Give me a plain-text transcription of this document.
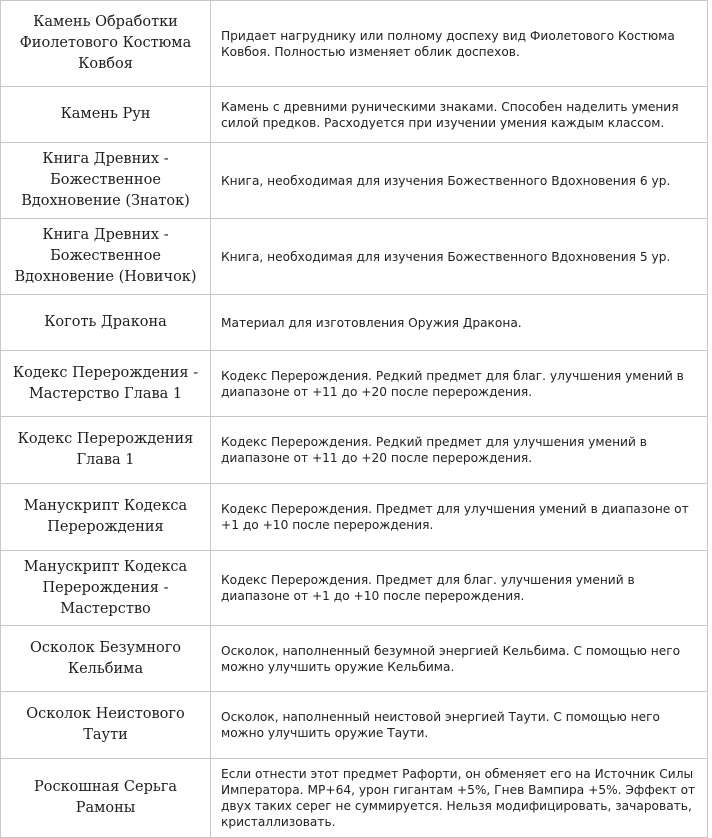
Камень Обработки Фиолетового Костюма Ковбоя	Придает нагруднику или полному доспеху вид Фиолетового Костюма Ковбоя. Полностью изменяет облик доспехов.
Камень Рун	Камень с древними руническими знаками. Способен наделить умения силой предков. Расходуется при изучении умения каждым классом.
Книга Древних - Божественное Вдохновение (Знаток)	Книга, необходимая для изучения Божественного Вдохновения 6 ур.
Книга Древних - Божественное Вдохновение (Новичок)	Книга, необходимая для изучения Божественного Вдохновения 5 ур.
Коготь Дракона	Материал для изготовления Оружия Дракона.
Кодекс Перерождения - Мастерство Глава 1	Кодекс Перерождения. Редкий предмет для благ. улучшения умений в диапазоне от +11 до +20 после перерождения.
Кодекс Перерождения Глава 1	Кодекс Перерождения. Редкий предмет для улучшения умений в диапазоне от +11 до +20 после перерождения.
Манускрипт Кодекса Перерождения	Кодекс Перерождения. Предмет для улучшения умений в диапазоне от +1 до +10 после перерождения.
Манускрипт Кодекса Перерождения - Мастерство	Кодекс Перерождения. Предмет для благ. улучшения умений в диапазоне от +1 до +10 после перерождения.
Осколок Безумного Кельбима	Осколок, наполненный безумной энергией Кельбима. С помощью него можно улучшить оружие Кельбима.
Осколок Неистового Таути	Осколок, наполненный неистовой энергией Таути. С помощью него можно улучшить оружие Таути.
Роскошная Серьга Рамоны	Если отнести этот предмет Рафорти, он обменяет его на Источник Силы Императора. MP+64, урон гигантам +5%, Гнев Вампира +5%. Эффект от двух таких серег не суммируется. Нельзя модифицировать, зачаровать, кристаллизовать.
